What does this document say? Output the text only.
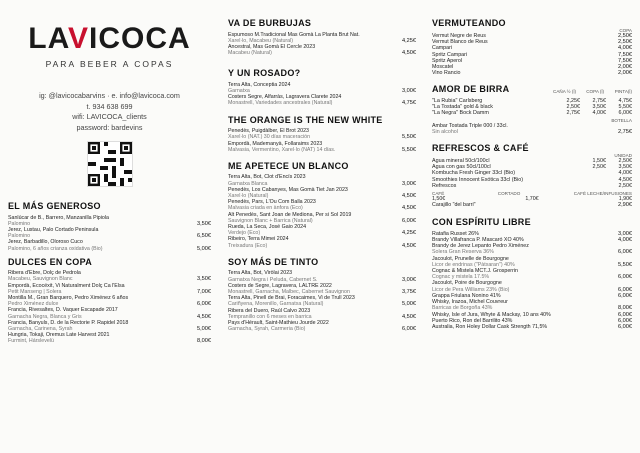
LAVICOCA
PARA BEBER A COPAS
ig: @lavicocabarvins · e. info@lavicoca.com
t. 934 638 699
wifi: LAVICOCA_clients
password: bardevins
EL MÁS GENEROSO
Sanlúcar de B., Barrero, Manzanilla Pipiola
Palomino	3,50€
Jerez, Lustau, Palo Cortado Peninsula
Palomino	6,50€
Jerez, Barbadillo, Oloroso Cuco
Palomino, 6 años crianza oxidativa (Bio)	5,00€
DULCES EN COPA
Ribera d'Ebre, Dolç de Pedrola
Macabeu, Sauvignon Blanc	3,50€
Empordà, Ecocéxit, Vi Naturalment Dolç Ca l'Elsa
Petit Manseng | Solera	7,00€
Montilla M., Gran Barquero, Pedro Ximénez 6 años
Pedro Ximénez dulce	6,00€
Francia, Rivesaltes, D. Vaquer Escapade 2017
Garnacha Negra, Blanca y Gris	4,50€
Francia, Banyuls, D. de la Rectorie P. Rapidel 2018
Garnacha, Carinena, Syrah	5,00€
Hungria, Tokaji, Oremus Late Harvest 2021
Furmint, Hárslevelü	8,00€
VA DE BURBUJAS
Espumoso M.Tradicional Mas Gomà La Planta Brut Nat.
Xarel·lo, Macabeu (Natural)	4,25€
Ancestral, Mas Gomà El Cercle 2023
Macabeu (Natural)	4,50€
Y UN ROSADO?
Terra Alta, Conceptia 2024
Garnatxa	3,00€
Costers Segre, Alfarràs, Lagravera Clarete 2024
Monastrell, Variedades ancestrales (Natural)	4,75€
THE ORANGE IS THE NEW WHITE
Penedès, Puigdàlber, El Brot 2023
Xarel·lo (NAT.) 30 días maceración	5,50€
Empordà, Mademanyà, Follaraims 2023
Malvasia, Vermentino, Xarel·lo (NAT) 14 días.	5,50€
ME APETECE UN BLANCO
Terra Alta, Bot, Clot d'Encís 2023
Garnatxa Blanca	3,00€
Penedès, Los Cabanyes, Mas Gomà Tiet Jan 2023
Xarel·lo (Natural)	4,50€
Penedès, Pars, L'Ou Com Balla 2023
Malvasia criada en ànfora (Eco)	4,50€
Alt Penedès, Sant Joan de Mediona, Per si Sol 2019
Sauvignon Blanc + Barrica (Natural)	6,00€
Rueda, La Seca, José Gaio 2024
Verdejo (Eco)	4,25€
Ribeiro, Terra Mimei 2024
Treixadura (Eco)	4,50€
SOY MÁS DE TINTO
Terra Alta, Bot, Viròlai 2023
Garnatxa Negra i Peluda, Cabernet S.	3,00€
Costers de Segre, Lagravera, LALTRE 2022
Monastrell, Garnacha, Malbec, Cabernet Sauvignon	3,75€
Terra Alta, Pinell de Brai, Foracaimes, Vi de Trull 2023
Cariñyena, Morenillo, Garnatxa (Natural)	5,00€
Ribera del Duero, Raúl Calvo 2023
Tempranillo con 6 meses en barrica	4,50€
Pays d'Hérault, Saint-Mathieu Jourde 2022
Garnacha, Syrah, Carmeria (Bio)	6,00€
VERMUTEANDO
COPA
Vermut Negre de Reus	2,50€
Vermut Blanco de Reus	2,50€
Campari	4,00€
Spritz Campari	7,50€
Spritz Aperol	7,50€
Moscatel	2,00€
Vino Rancio	2,00€
AMOR DE BIRRA	CAÑA ½ (l)	COPA (l)	PINTA(l)
"La Rubia" Carlsberg	2,25€	2,75€	4,75€
"La Tostada" gold & black	2,50€	3,50€	5,50€
"La Negra" Bock Damm	2,75€	4,00€	6,00€
BOTELLA
Ambar Tostada Triple 000 / 33cl.
Sin alcohol	2,75€
REFRESCOS & CAFÉ
UNIDAD
Agua mineral 50cl/100cl	1,50€	2,50€
Agua con gas 50cl/100cl	2,50€	3,50€
Kombucha Fresh Ginger 33cl (Bio)	4,00€
Smoothies Innocent Exótica 33cl (Bio)	4,50€
Refrescos	2,50€
CAFÉ	CORTADO	CAFÉ LECHE/INFUSIONES
1,50€	1,70€	1,90€
Carajillo "del barri"	2,90€
CON ESPÍRITU LIBRE
Ratafia Russet 26%	3,00€
Brandy Villafranca P. Mascaró XO 40%	4,00€
Brandy de Jerez Lepanto Pedro Ximénez
Solera Gran Reserva 36%	6,00€
Jacoulot, Prunelle de Bourgogne
Licor de endrinas ("Pàtxaran") 40%	5,50€
Cognac & Mistela MCT.J. Grosperrin
Cognac y mistela 17.5%	6,00€
Jacoulot, Poire de Bourgogne
Licor de Pera Williams 23% (Bio)	6,00€
Grappa Friulana Nonino 41%	6,00€
Whisky, Irazoa, Michel Couvreur
Barricas de Borgoña 43%	8,00€
Whisky, Isle of Jura, Whyte & Mackay, 10 ans 40%	6,00€
Puerto Rico, Ron del Barrilito 43%	6,00€
Australia, Ron Holey Dollar Cask Strength 71,5%	6,00€
